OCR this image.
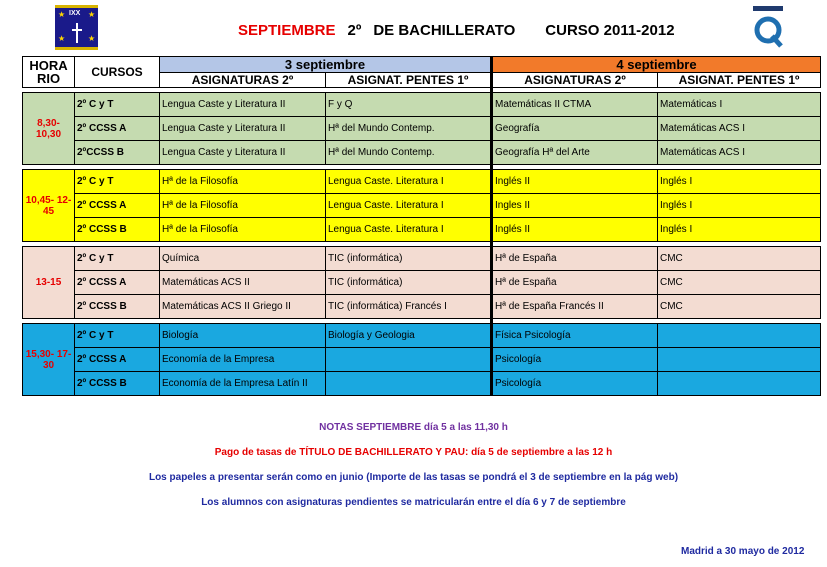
★	★
★	★
IXX
SEPTIEMBRE 2º DE BACHILLERATO CURSO 2011-2012
HORA RIO	CURSOS	3 septiembre		4 septiembre	
		ASIGNATURAS 2º	ASIGNAT. PENTES 1º	ASIGNATURAS 2º	ASIGNAT. PENTES 1º

8,30- 10,30	2º C y T	Lengua Caste y Literatura II	F y Q	Matemáticas II CTMA	Matemáticas I
	2º CCSS A	Lengua Caste y Literatura II	Hª del Mundo Contemp.	Geografía	Matemáticas ACS I
	2ºCCSS B	Lengua Caste y Literatura II	Hª del Mundo Contemp.	Geografía Hª del Arte	Matemáticas ACS I

10,45- 12-45	2º C y T	Hª de la Filosofía	Lengua Caste. Literatura I	Inglés II	Inglés I
	2º CCSS A	Hª de la Filosofía	Lengua Caste. Literatura I	Ingles II	Inglés I
	2º CCSS B	Hª de la Filosofía	Lengua Caste. Literatura I	Inglés II	Inglés I

13-15	2º C y T	Química	TIC (informática)	Hª de España	CMC
	2º CCSS A	Matemáticas ACS II	TIC (informática)	Hª de España	CMC
	2º CCSS B	Matemáticas ACS II Griego II	TIC (informática) Francés I	Hª de España Francés II	CMC

15,30- 17-30	2º C y T	Biología	Biología y Geologia	Física Psicología	
	2º CCSS A	Economía de la Empresa		Psicología	
	2º CCSS B	Economía de la Empresa Latín II		Psicología	
NOTAS SEPTIEMBRE día 5 a las 11,30 h
Pago de tasas de TÍTULO DE BACHILLERATO Y PAU: día 5 de septiembre a las 12 h
Los papeles a presentar serán como en junio (Importe de las tasas se pondrá el 3 de septiembre en la pág web)
Los alumnos con asignaturas pendientes se matricularán entre el día 6 y 7 de septiembre
Madrid a 30 mayo de 2012
